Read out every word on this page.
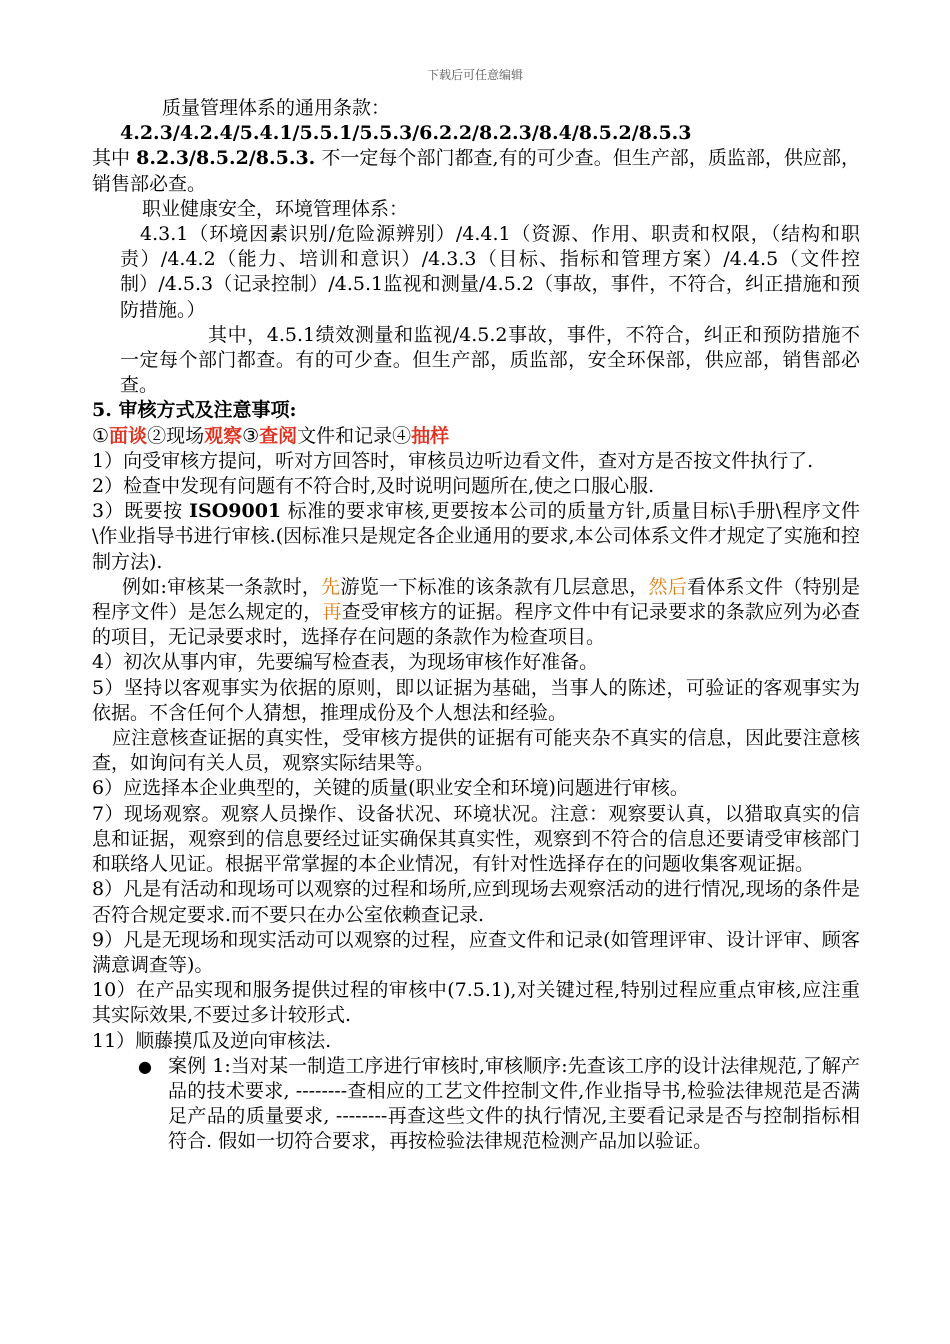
下载后可任意编辑

质量管理体系的通用条款：

4.2.3/4.2.4/5.4.1/5.5.1/5.5.3/6.2.2/8.2.3/8.4/8.5.2/8.5.3

其中 8.2.3/8.5.2/8.5.3. 不一定每个部门都查,有的可少查。但生产部，质监部，供应部，销售部必查。

职业健康安全，环境管理体系：

4.3.1（环境因素识别/危险源辨别）/4.4.1（资源、作用、职责和权限，（结构和职责）/4.4.2（能力、培训和意识）/4.3.3（目标、指标和管理方案）/4.4.5（文件控制）/4.5.3（记录控制）/4.5.1监视和测量/4.5.2（事故，事件，不符合，纠正措施和预防措施。）

其中，4.5.1绩效测量和监视/4.5.2事故，事件，不符合，纠正和预防措施不一定每个部门都查。有的可少查。但生产部，质监部，安全环保部，供应部，销售部必查。

5. 审核方式及注意事项:

①面谈②现场观察③查阅文件和记录④抽样

1）向受审核方提问，听对方回答时，审核员边听边看文件，查对方是否按文件执行了.

2）检查中发现有问题有不符合时,及时说明问题所在,使之口服心服.

3）既要按 ISO9001 标准的要求审核,更要按本公司的质量方针,质量目标\手册\程序文件\作业指导书进行审核.(因标准只是规定各企业通用的要求,本公司体系文件才规定了实施和控制方法).

例如:审核某一条款时，先游览一下标准的该条款有几层意思，然后看体系文件（特别是程序文件）是怎么规定的，再查受审核方的证据。程序文件中有记录要求的条款应列为必查的项目，无记录要求时，选择存在问题的条款作为检查项目。

4）初次从事内审，先要编写检查表，为现场审核作好准备。

5）坚持以客观事实为依据的原则，即以证据为基础，当事人的陈述，可验证的客观事实为依据。不含任何个人猜想，推理成份及个人想法和经验。

应注意核查证据的真实性，受审核方提供的证据有可能夹杂不真实的信息，因此要注意核查，如询问有关人员，观察实际结果等。

6）应选择本企业典型的，关键的质量(职业安全和环境)问题进行审核。

7）现场观察。观察人员操作、设备状况、环境状况。注意：观察要认真，以猎取真实的信息和证据，观察到的信息要经过证实确保其真实性，观察到不符合的信息还要请受审核部门和联络人见证。根据平常掌握的本企业情况，有针对性选择存在的问题收集客观证据。

8）凡是有活动和现场可以观察的过程和场所,应到现场去观察活动的进行情况,现场的条件是否符合规定要求.而不要只在办公室依赖查记录.

9）凡是无现场和现实活动可以观察的过程，应查文件和记录(如管理评审、设计评审、顾客满意调查等)。

10）在产品实现和服务提供过程的审核中(7.5.1),对关键过程,特别过程应重点审核,应注重其实际效果,不要过多计较形式.

11）顺藤摸瓜及逆向审核法.

● 案例 1:当对某一制造工序进行审核时,审核顺序:先查该工序的设计法律规范,了解产品的技术要求, --------查相应的工艺文件控制文件,作业指导书,检验法律规范是否满足产品的质量要求, --------再查这些文件的执行情况,主要看记录是否与控制指标相符合. 假如一切符合要求，再按检验法律规范检测产品加以验证。
